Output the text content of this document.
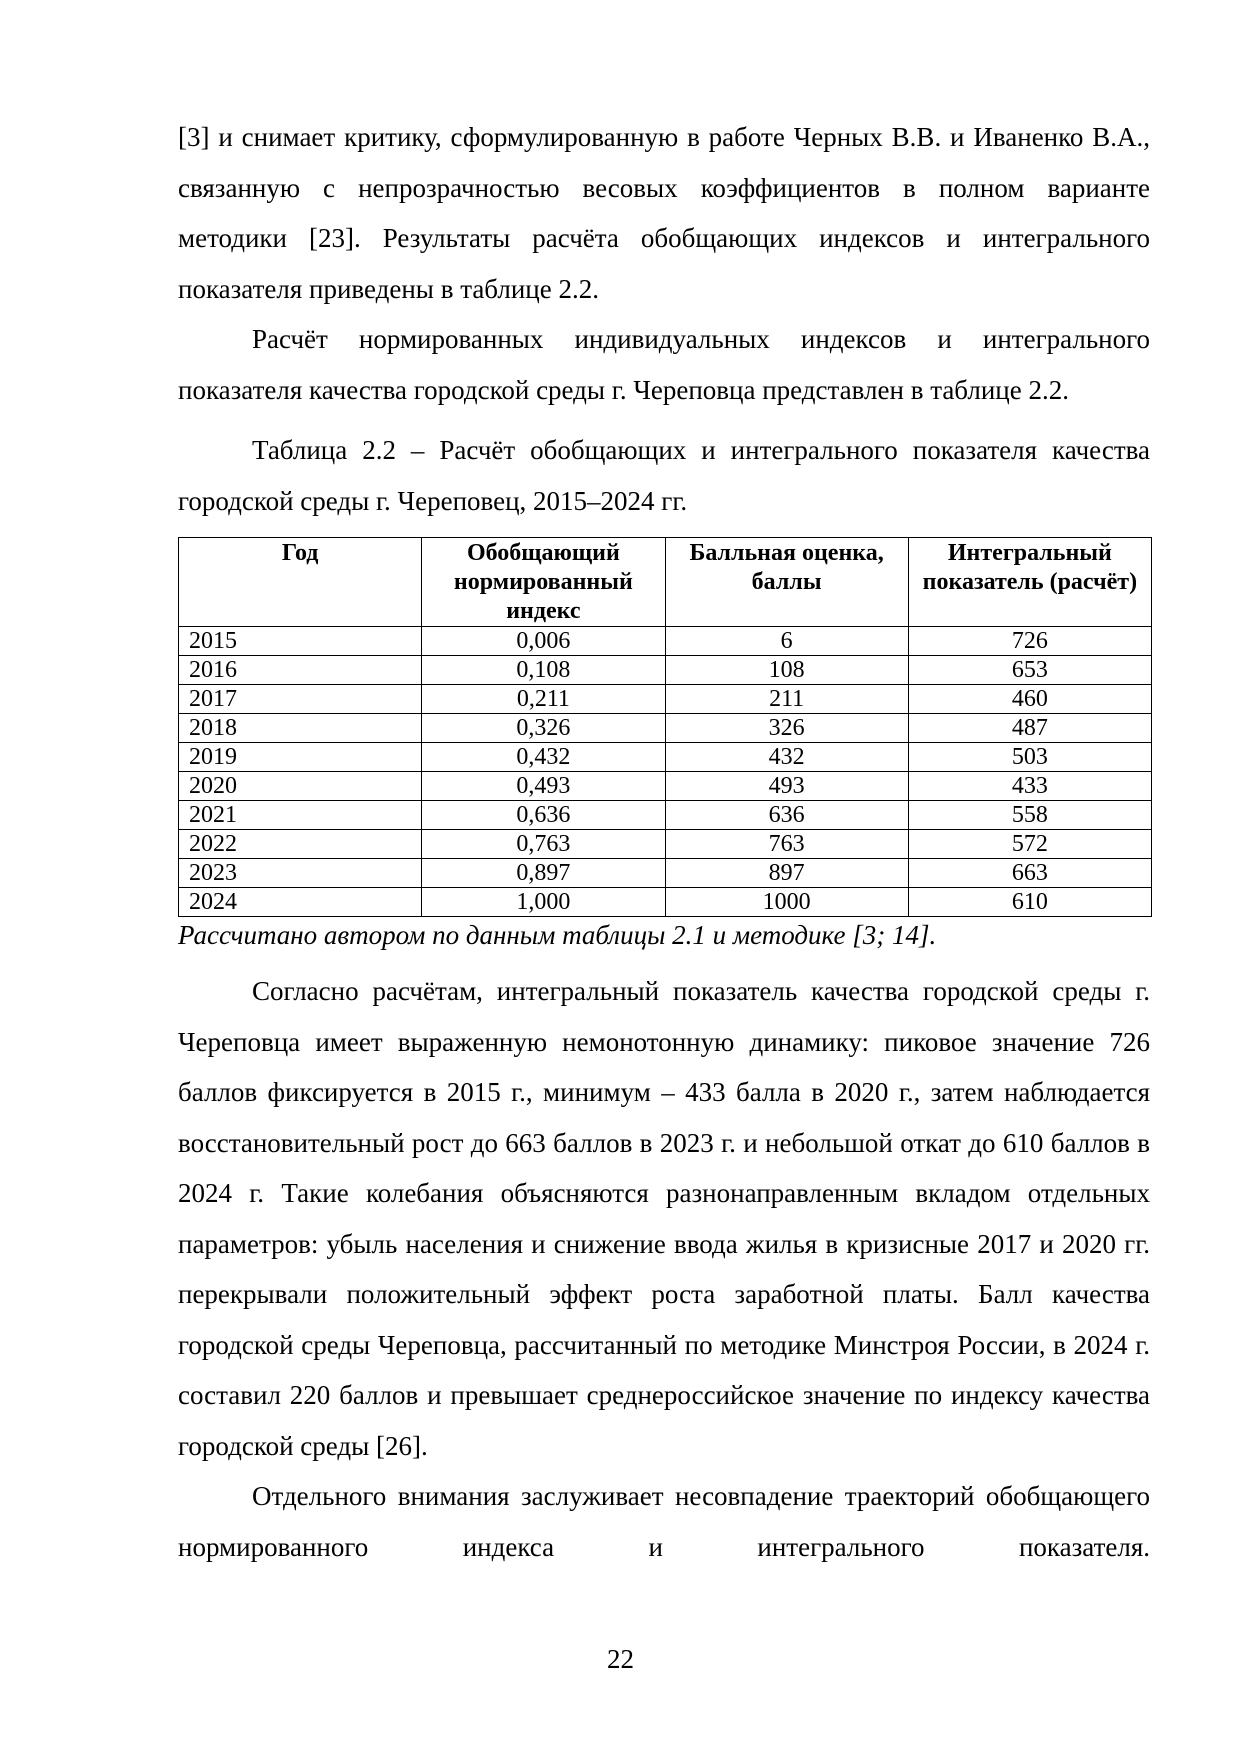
[3] и снимает критику, сформулированную в работе Черных В.В. и Иваненко В.А., связанную с непрозрачностью весовых коэффициентов в полном варианте методики [23]. Результаты расчёта обобщающих индексов и интегрального показателя приведены в таблице 2.2.

Расчёт нормированных индивидуальных индексов и интегрального показателя качества городской среды г. Череповца представлен в таблице 2.2.

Таблица 2.2 – Расчёт обобщающих и интегрального показателя качества городской среды г. Череповец, 2015–2024 гг.

Год	Обобщающий нормированный индекс	Балльная оценка, баллы	Интегральный показатель (расчёт)
2015	0,006	6	726
2016	0,108	108	653
2017	0,211	211	460
2018	0,326	326	487
2019	0,432	432	503
2020	0,493	493	433
2021	0,636	636	558
2022	0,763	763	572
2023	0,897	897	663
2024	1,000	1000	610

Рассчитано автором по данным таблицы 2.1 и методике [3; 14].

Согласно расчётам, интегральный показатель качества городской среды г. Череповца имеет выраженную немонотонную динамику: пиковое значение 726 баллов фиксируется в 2015 г., минимум – 433 балла в 2020 г., затем наблюдается восстановительный рост до 663 баллов в 2023 г. и небольшой откат до 610 баллов в 2024 г. Такие колебания объясняются разнонаправленным вкладом отдельных параметров: убыль населения и снижение ввода жилья в кризисные 2017 и 2020 гг. перекрывали положительный эффект роста заработной платы. Балл качества городской среды Череповца, рассчитанный по методике Минстроя России, в 2024 г. составил 220 баллов и превышает среднероссийское значение по индексу качества городской среды [26].

Отдельного внимания заслуживает несовпадение траекторий обобщающего нормированного индекса и интегрального показателя.

22
